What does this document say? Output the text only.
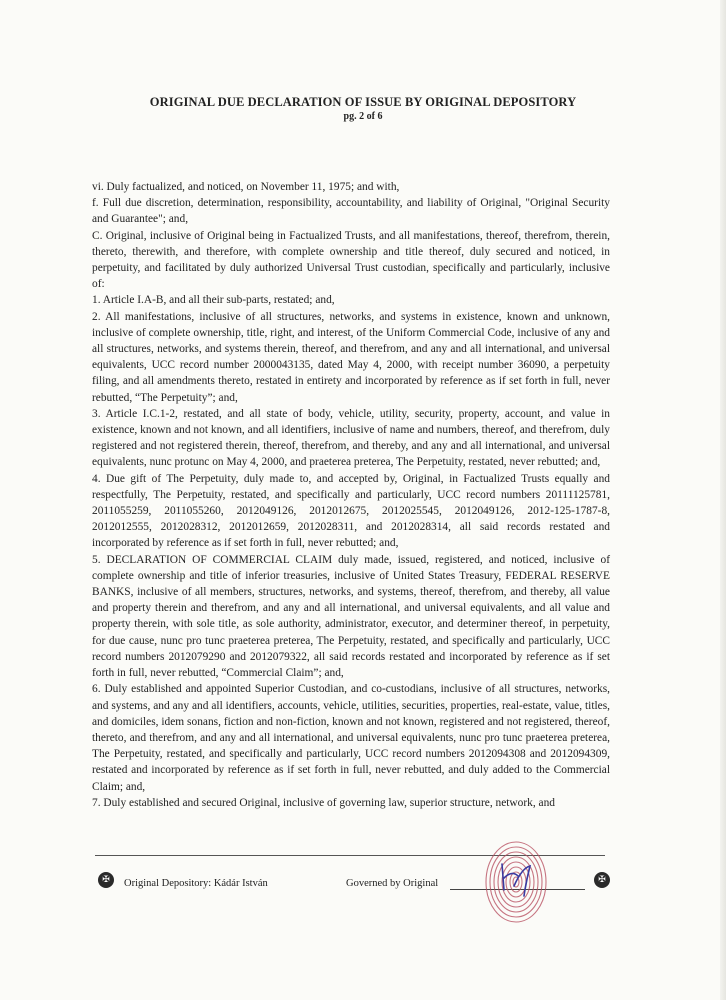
ORIGINAL DUE DECLARATION OF ISSUE BY ORIGINAL DEPOSITORY
pg. 2 of 6

vi. Duly factualized, and noticed, on November 11, 1975; and with,

f. Full due discretion, determination, responsibility, accountability, and liability of Original, "Original Security and Guarantee"; and,

C. Original, inclusive of Original being in Factualized Trusts, and all manifestations, thereof, therefrom, therein, thereto, therewith, and therefore, with complete ownership and title thereof, duly secured and noticed, in perpetuity, and facilitated by duly authorized Universal Trust custodian, specifically and particularly, inclusive of:

1. Article I.A-B, and all their sub-parts, restated; and,

2. All manifestations, inclusive of all structures, networks, and systems in existence, known and unknown, inclusive of complete ownership, title, right, and interest, of the Uniform Commercial Code, inclusive of any and all structures, networks, and systems therein, thereof, and therefrom, and any and all international, and universal equivalents, UCC record number 2000043135, dated May 4, 2000, with receipt number 36090, a perpetuity filing, and all amendments thereto, restated in entirety and incorporated by reference as if set forth in full, never rebutted, “The Perpetuity”; and,

3. Article I.C.1-2, restated, and all state of body, vehicle, utility, security, property, account, and value in existence, known and not known, and all identifiers, inclusive of name and numbers, thereof, and therefrom, duly registered and not registered therein, thereof, therefrom, and thereby, and any and all international, and universal equivalents, nunc protunc on May 4, 2000, and praeterea preterea, The Perpetuity, restated, never rebutted; and,

4. Due gift of The Perpetuity, duly made to, and accepted by, Original, in Factualized Trusts equally and respectfully, The Perpetuity, restated, and specifically and particularly, UCC record numbers 20111125781, 2011055259, 2011055260, 2012049126, 2012012675, 2012025545, 2012049126, 2012-125-1787-8, 2012012555, 2012028312, 2012012659, 2012028311, and 2012028314, all said records restated and incorporated by reference as if set forth in full, never rebutted; and,

5. DECLARATION OF COMMERCIAL CLAIM duly made, issued, registered, and noticed, inclusive of complete ownership and title of inferior treasuries, inclusive of United States Treasury, FEDERAL RESERVE BANKS, inclusive of all members, structures, networks, and systems, thereof, therefrom, and thereby, all value and property therein and therefrom, and any and all international, and universal equivalents, and all value and property therein, with sole title, as sole authority, administrator, executor, and determiner thereof, in perpetuity, for due cause, nunc pro tunc praeterea preterea, The Perpetuity, restated, and specifically and particularly, UCC record numbers 2012079290 and 2012079322, all said records restated and incorporated by reference as if set forth in full, never rebutted, “Commercial Claim”; and,

6. Duly established and appointed Superior Custodian, and co-custodians, inclusive of all structures, networks, and systems, and any and all identifiers, accounts, vehicle, utilities, securities, properties, real-estate, value, titles, and domiciles, idem sonans, fiction and non-fiction, known and not known, registered and not registered, thereof, thereto, and therefrom, and any and all international, and universal equivalents, nunc pro tunc praeterea preterea, The Perpetuity, restated, and specifically and particularly, UCC record numbers 2012094308 and 2012094309, restated and incorporated by reference as if set forth in full, never rebutted, and duly added to the Commercial Claim; and,

7. Duly established and secured Original, inclusive of governing law, superior structure, network, and

✠	Original Depository: Kádár István	Governed by Original	✠
